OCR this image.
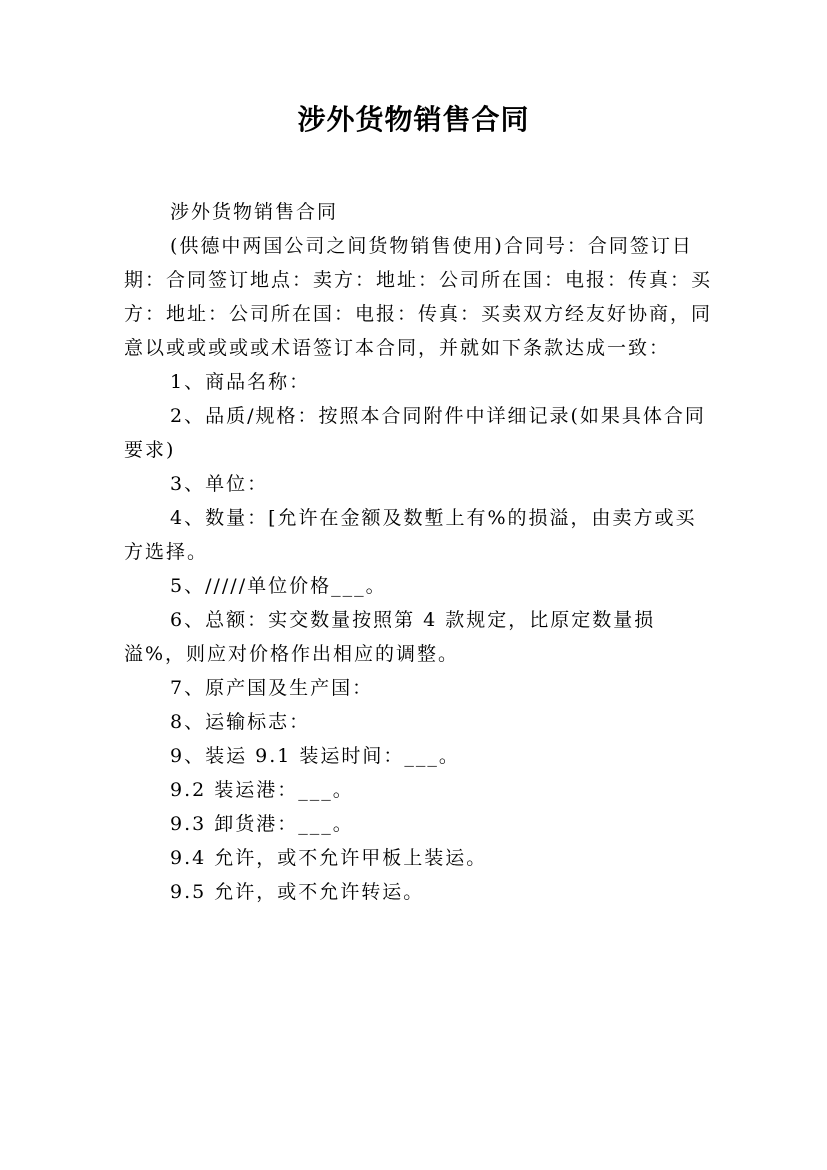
涉外货物销售合同

涉外货物销售合同

(供德中两国公司之间货物销售使用)合同号：合同签订日期：合同签订地点：卖方：地址：公司所在国：电报：传真：买方：地址：公司所在国：电报：传真：买卖双方经友好协商，同意以或或或或或术语签订本合同，并就如下条款达成一致：

1、商品名称：

2、品质/规格：按照本合同附件中详细记录(如果具体合同要求)

3、单位：

4、数量：[允许在金额及数塹上有%的损溢，由卖方或买方选择。

5、/////单位价格___。

6、总额：实交数量按照第 4 款规定，比原定数量损溢%，则应对价格作出相应的调整。

7、原产国及生产国：

8、运输标志：

9、装运 9.1 装运时间：___。

9.2 装运港：___。

9.3 卸货港：___。

9.4 允许，或不允许甲板上装运。

9.5 允许，或不允许转运。
